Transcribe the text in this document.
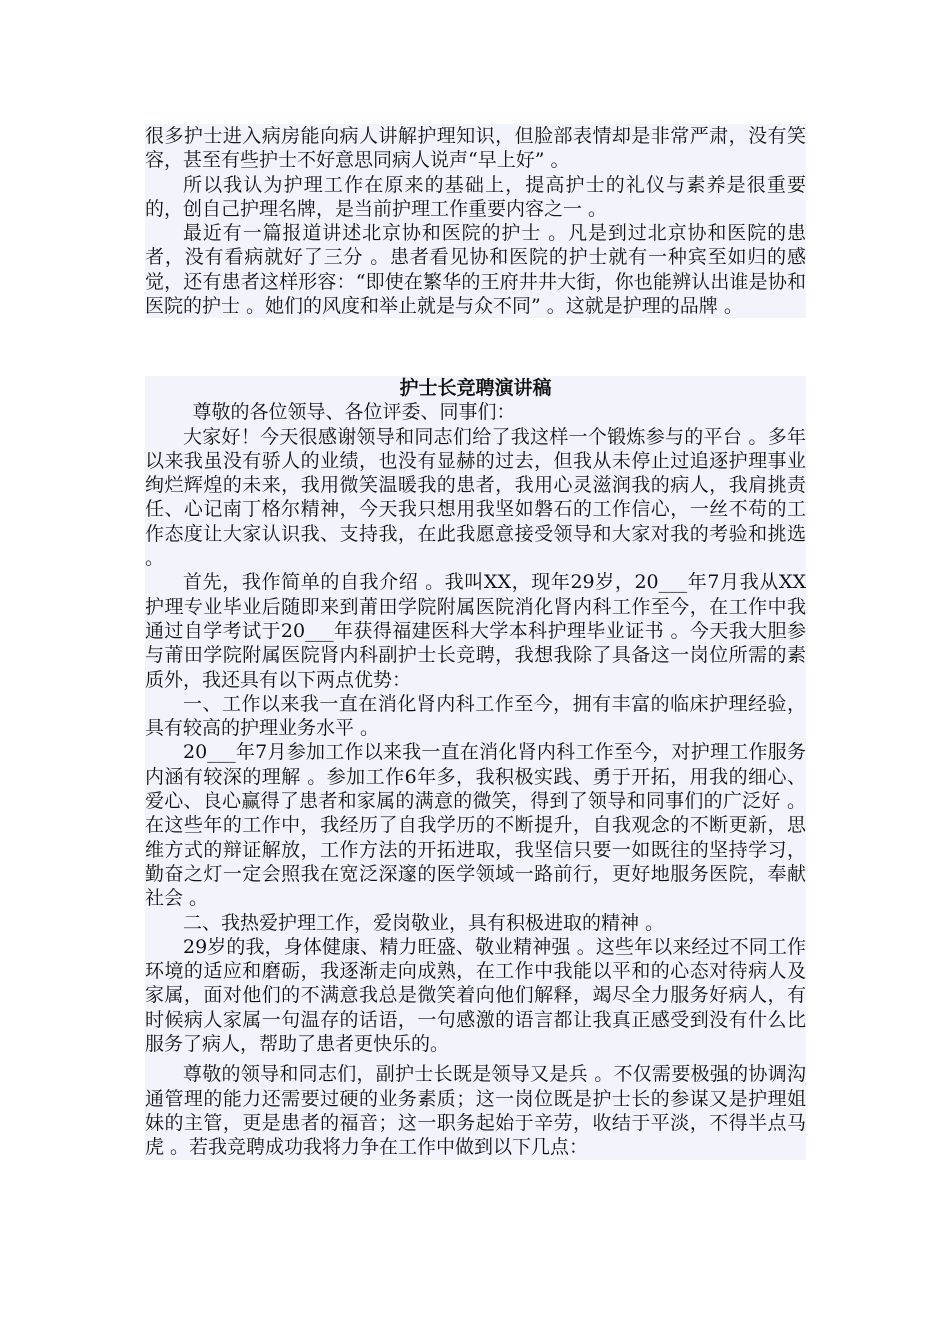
很多护士进入病房能向病人讲解护理知识，但脸部表情却是非常严肃，没有笑容，甚至有些护士不好意思同病人说声“早上好” 。

所以我认为护理工作在原来的基础上，提高护士的礼仪与素养是很重要的，创自己护理名牌，是当前护理工作重要内容之一 。

最近有一篇报道讲述北京协和医院的护士 。凡是到过北京协和医院的患者，没有看病就好了三分 。患者看见协和医院的护士就有一种宾至如归的感觉，还有患者这样形容：“即使在繁华的王府井井大街，你也能辨认出谁是协和医院的护士 。她们的风度和举止就是与众不同” 。这就是护理的品牌 。

护士长竞聘演讲稿

尊敬的各位领导、各位评委、同事们：

大家好！今天很感谢领导和同志们给了我这样一个锻炼参与的平台 。多年以来我虽没有骄人的业绩，也没有显赫的过去，但我从未停止过追逐护理事业绚烂辉煌的未来，我用微笑温暖我的患者，我用心灵滋润我的病人，我肩挑责任、心记南丁格尔精神，今天我只想用我坚如磐石的工作信心，一丝不苟的工作态度让大家认识我、支持我，在此我愿意接受领导和大家对我的考验和挑选 。

首先，我作简单的自我介绍 。我叫XX，现年29岁，20___年7月我从XX护理专业毕业后随即来到莆田学院附属医院消化肾内科工作至今，在工作中我通过自学考试于20___年获得福建医科大学本科护理毕业证书 。今天我大胆参与莆田学院附属医院肾内科副护士长竞聘，我想我除了具备这一岗位所需的素质外，我还具有以下两点优势：

一、工作以来我一直在消化肾内科工作至今，拥有丰富的临床护理经验，具有较高的护理业务水平 。

20___年7月参加工作以来我一直在消化肾内科工作至今，对护理工作服务内涵有较深的理解 。参加工作6年多，我积极实践、勇于开拓，用我的细心、爱心、良心赢得了患者和家属的满意的微笑，得到了领导和同事们的广泛好 。在这些年的工作中，我经历了自我学历的不断提升，自我观念的不断更新，思维方式的辩证解放，工作方法的开拓进取，我坚信只要一如既往的坚持学习，勤奋之灯一定会照我在宽泛深邃的医学领域一路前行，更好地服务医院，奉献社会 。

二、我热爱护理工作，爱岗敬业，具有积极进取的精神 。

29岁的我，身体健康、精力旺盛、敬业精神强 。这些年以来经过不同工作环境的适应和磨砺，我逐渐走向成熟，在工作中我能以平和的心态对待病人及家属，面对他们的不满意我总是微笑着向他们解释，竭尽全力服务好病人，有时候病人家属一句温存的话语，一句感激的语言都让我真正感受到没有什么比服务了病人，帮助了患者更快乐的。

尊敬的领导和同志们，副护士长既是领导又是兵 。不仅需要极强的协调沟通管理的能力还需要过硬的业务素质；这一岗位既是护士长的参谋又是护理姐妹的主管，更是患者的福音；这一职务起始于辛劳，收结于平淡，不得半点马虎 。若我竞聘成功我将力争在工作中做到以下几点：
